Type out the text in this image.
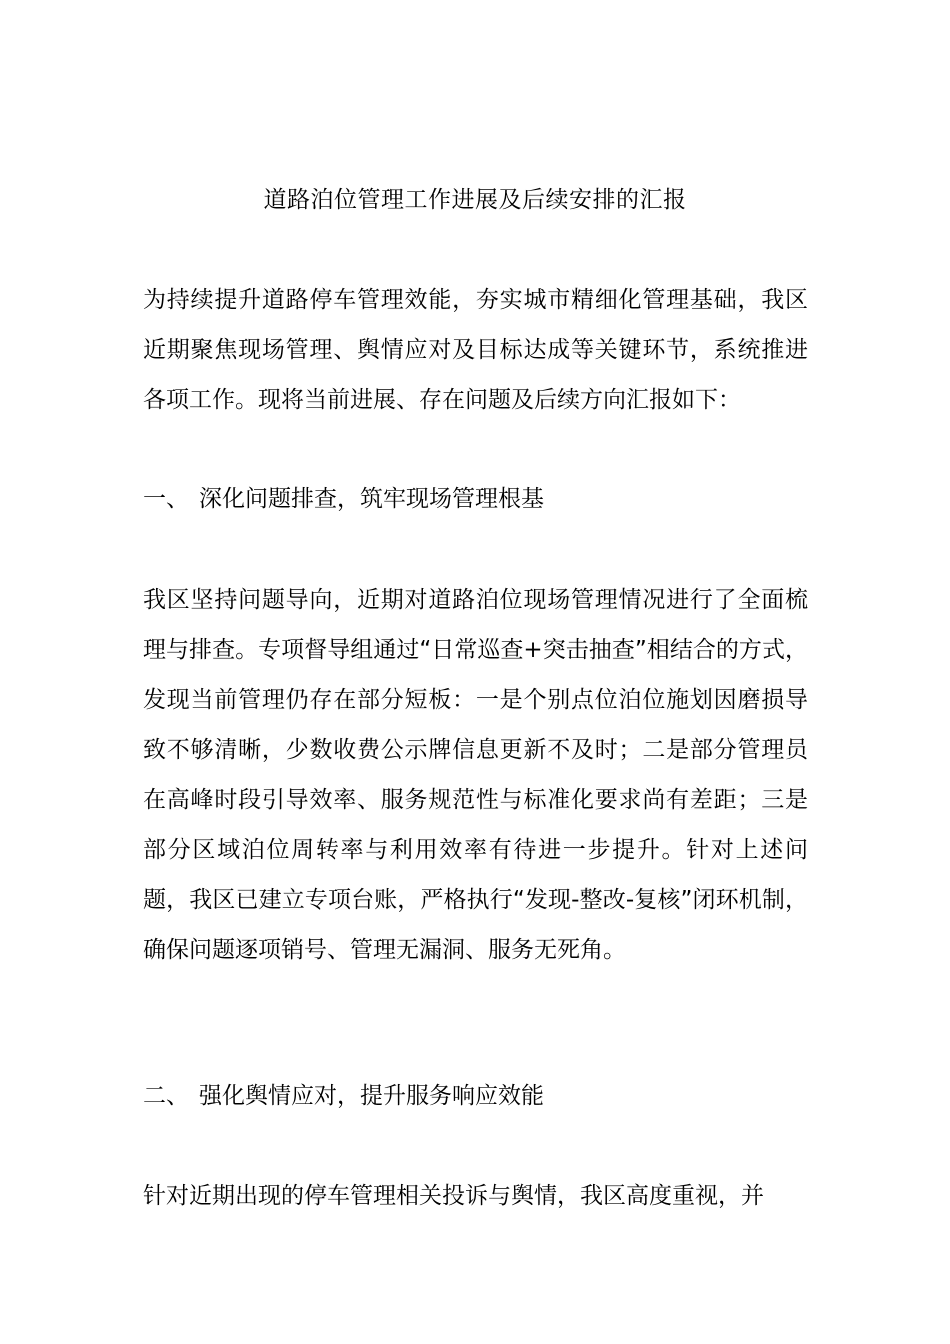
道路泊位管理工作进展及后续安排的汇报

为持续提升道路停车管理效能，夯实城市精细化管理基础，我区近期聚焦现场管理、舆情应对及目标达成等关键环节，系统推进各项工作。现将当前进展、存在问题及后续方向汇报如下：

一、 深化问题排查，筑牢现场管理根基

我区坚持问题导向，近期对道路泊位现场管理情况进行了全面梳理与排查。专项督导组通过“日常巡查+突击抽查”相结合的方式，发现当前管理仍存在部分短板：一是个别点位泊位施划因磨损导致不够清晰，少数收费公示牌信息更新不及时；二是部分管理员在高峰时段引导效率、服务规范性与标准化要求尚有差距；三是部分区域泊位周转率与利用效率有待进一步提升。针对上述问题，我区已建立专项台账，严格执行“发现-整改-复核”闭环机制，确保问题逐项销号、管理无漏洞、服务无死角。

二、 强化舆情应对，提升服务响应效能

针对近期出现的停车管理相关投诉与舆情，我区高度重视，并
